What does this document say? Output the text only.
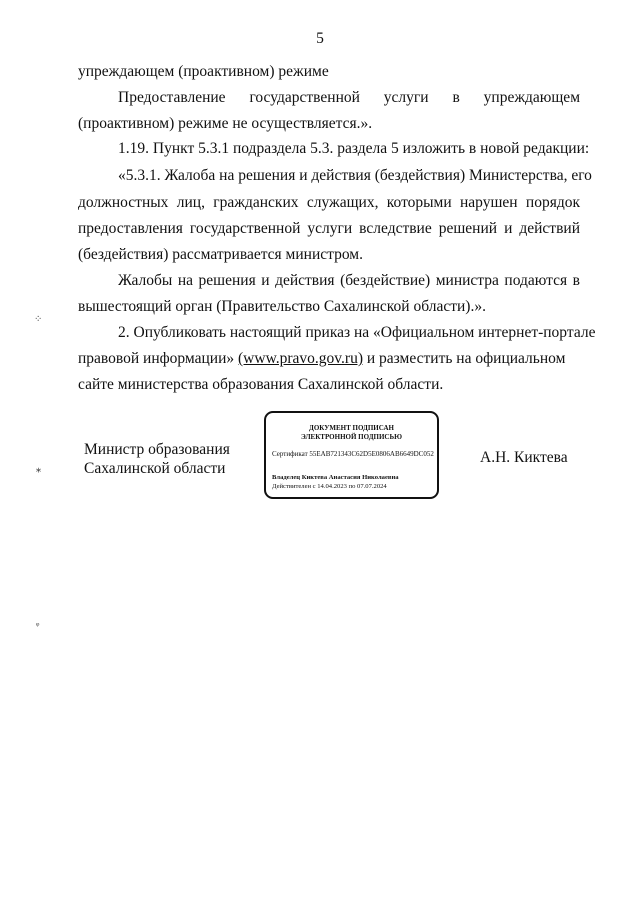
5
упреждающем (проактивном) режиме
Предоставление государственной услуги в упреждающем
(проактивном) режиме не осуществляется.».
1.19. Пункт 5.3.1 подраздела 5.3. раздела 5 изложить в новой редакции:
«5.3.1. Жалоба на решения и действия (бездействия) Министерства, его
должностных лиц, гражданских служащих, которыми нарушен порядок
предоставления государственной услуги вследствие решений и действий
(бездействия) рассматривается министром.
Жалобы на решения и действия (бездействие) министра подаются в
вышестоящий орган (Правительство Сахалинской области).».
2. Опубликовать настоящий приказ на «Официальном интернет-портале
правовой информации» (www.pravo.gov.ru) и разместить на официальном
сайте министерства образования Сахалинской области.
Министр образования
Сахалинской области
ДОКУМЕНТ ПОДПИСАН
ЭЛЕКТРОННОЙ ПОДПИСЬЮ
Сертификат 55EAB721343C62D5E0806AB6649DC052
Владелец Киктева Анастасия Николаевна
Действителен с 14.04.2023 по 07.07.2024
А.Н. Киктева
⁘
⁎
ᵩ
